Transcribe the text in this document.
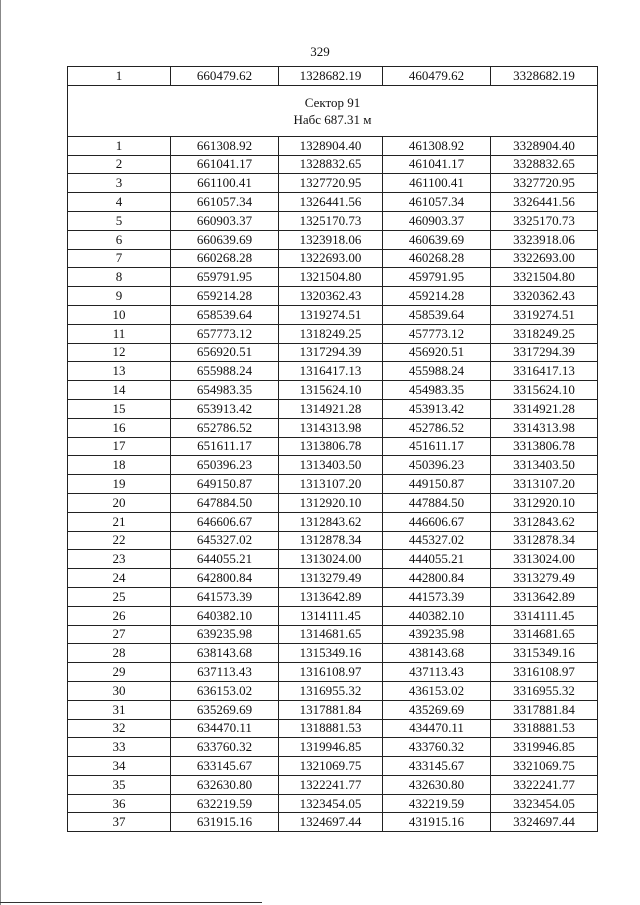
329
1	660479.62	1328682.19	460479.62	3328682.19

Сектор 91
Набс 687.31 м				

1	661308.92	1328904.40	461308.92	3328904.40
2	661041.17	1328832.65	461041.17	3328832.65
3	661100.41	1327720.95	461100.41	3327720.95
4	661057.34	1326441.56	461057.34	3326441.56
5	660903.37	1325170.73	460903.37	3325170.73
6	660639.69	1323918.06	460639.69	3323918.06
7	660268.28	1322693.00	460268.28	3322693.00
8	659791.95	1321504.80	459791.95	3321504.80
9	659214.28	1320362.43	459214.28	3320362.43
10	658539.64	1319274.51	458539.64	3319274.51
11	657773.12	1318249.25	457773.12	3318249.25
12	656920.51	1317294.39	456920.51	3317294.39
13	655988.24	1316417.13	455988.24	3316417.13
14	654983.35	1315624.10	454983.35	3315624.10
15	653913.42	1314921.28	453913.42	3314921.28
16	652786.52	1314313.98	452786.52	3314313.98
17	651611.17	1313806.78	451611.17	3313806.78
18	650396.23	1313403.50	450396.23	3313403.50
19	649150.87	1313107.20	449150.87	3313107.20
20	647884.50	1312920.10	447884.50	3312920.10
21	646606.67	1312843.62	446606.67	3312843.62
22	645327.02	1312878.34	445327.02	3312878.34
23	644055.21	1313024.00	444055.21	3313024.00
24	642800.84	1313279.49	442800.84	3313279.49
25	641573.39	1313642.89	441573.39	3313642.89
26	640382.10	1314111.45	440382.10	3314111.45
27	639235.98	1314681.65	439235.98	3314681.65
28	638143.68	1315349.16	438143.68	3315349.16
29	637113.43	1316108.97	437113.43	3316108.97
30	636153.02	1316955.32	436153.02	3316955.32
31	635269.69	1317881.84	435269.69	3317881.84
32	634470.11	1318881.53	434470.11	3318881.53
33	633760.32	1319946.85	433760.32	3319946.85
34	633145.67	1321069.75	433145.67	3321069.75
35	632630.80	1322241.77	432630.80	3322241.77
36	632219.59	1323454.05	432219.59	3323454.05
37	631915.16	1324697.44	431915.16	3324697.44
